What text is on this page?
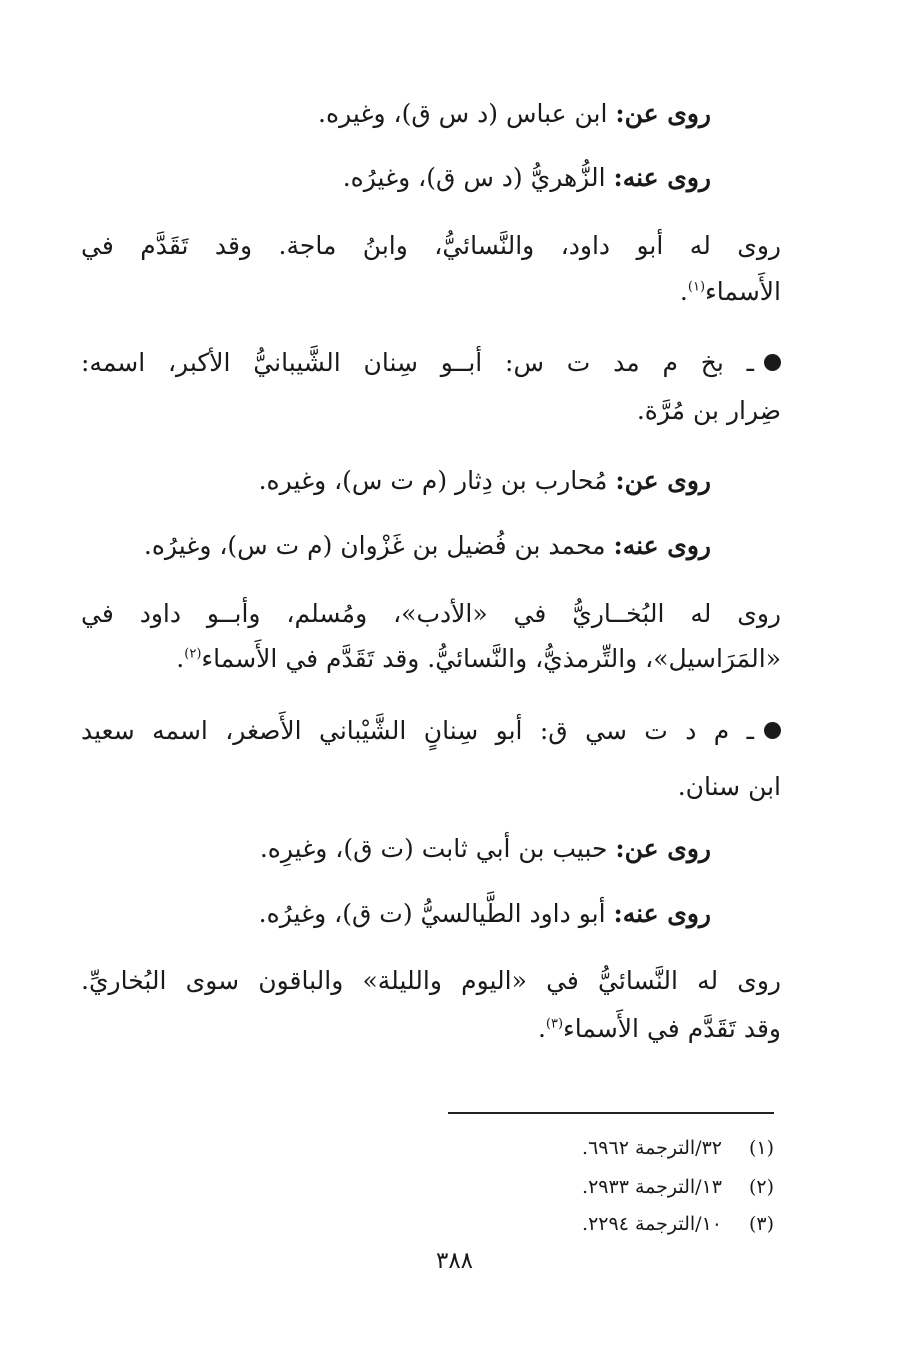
روى عن: ابن عباس (د س ق)، وغيره.
روى عنه: الزُّهريُّ (د س ق)، وغيرُه.
روى له أبو داود، والنَّسائيُّ، وابنُ ماجة. وقد تَقَدَّم في
الأَسماء$^{(١)}$.
ـ بخ م مد ت س: أبــو سِنان الشَّيبانيُّ الأكبر، اسمه:
ضِرار بن مُرَّة.
روى عن: مُحارب بن دِثار (م ت س)، وغيره.
روى عنه: محمد بن فُضيل بن غَزْوان (م ت س)، وغيرُه.
روى له البُخــاريُّ في «الأدب»، ومُسلم، وأبــو داود في
«المَرَاسيل»، والتِّرمذيُّ، والنَّسائيُّ. وقد تَقَدَّم في الأَسماء$^{(٢)}$.
ـ م د ت سي ق: أبو سِنانٍ الشَّيْباني الأَصغر، اسمه سعيد
ابن سنان.
روى عن: حبيب بن أبي ثابت (ت ق)، وغيرِه.
روى عنه: أبو داود الطَّيالسيُّ (ت ق)، وغيرُه.
روى له النَّسائيُّ في «اليوم والليلة» والباقون سوى البُخاريِّ.
وقد تَقَدَّم في الأَسماء$^{(٣)}$.
(١)٣٢/الترجمة ٦٩٦٢.
(٢)١٣/الترجمة ٢٩٣٣.
(٣)١٠/الترجمة ٢٢٩٤.
٣٨٨
